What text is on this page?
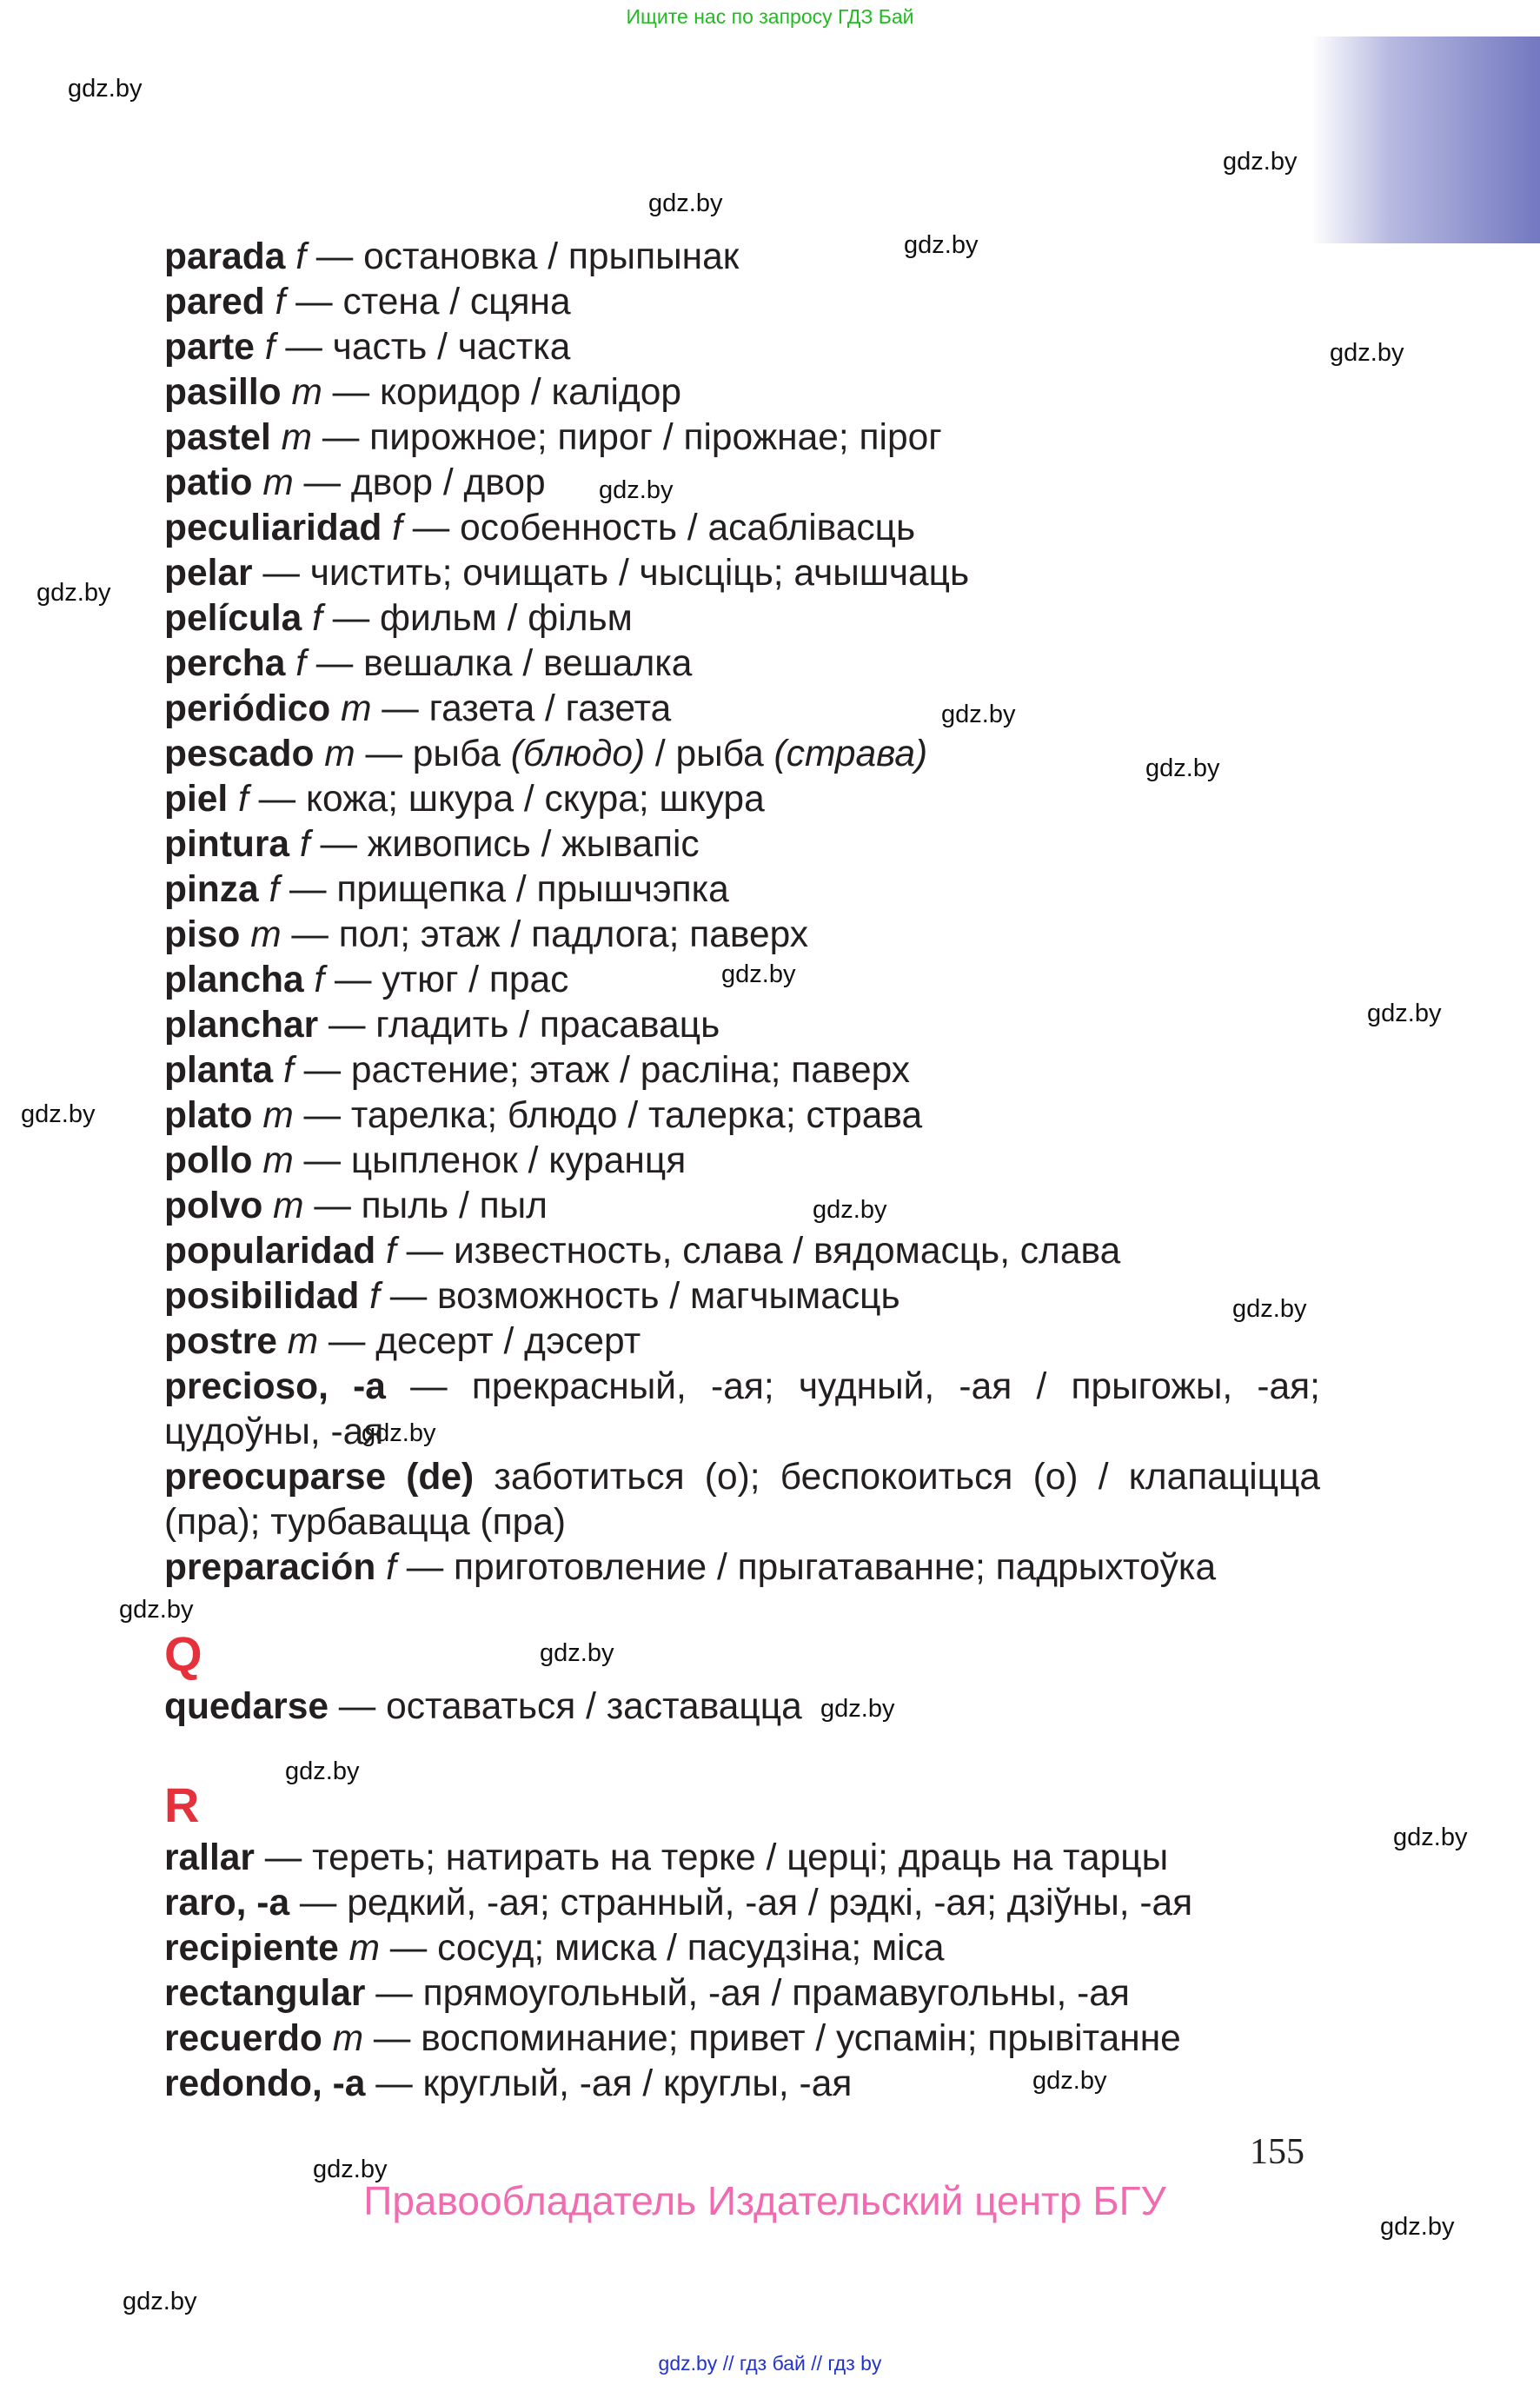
Ищите нас по запросу ГДЗ Бай
gdz.by
gdz.by
gdz.by
gdz.by
gdz.by
gdz.by
gdz.by
gdz.by
gdz.by
gdz.by
gdz.by
gdz.by
gdz.by
gdz.by
gdz.by
gdz.by
gdz.by
gdz.by
gdz.by
gdz.by
gdz.by
gdz.by
gdz.by
gdz.by
parada f — остановка / прыпынак
pared f — стена / сцяна
parte f — часть / частка
pasillo m — коридор / калідор
pastel m — пирожное; пирог / пірожнае; пірог
patio m — двор / двор
peculiaridad f — особенность / асаблівасць
pelar — чистить; очищать / чысціць; ачышчаць
película f — фильм / фільм
percha f — вешалка / вешалка
periódico m — газета / газета
pescado m — рыба (блюдо) / рыба (страва)
piel f — кожа; шкура / скура; шкура
pintura f — живопись / жывапіс
pinza f — прищепка / прышчэпка
piso m — пол; этаж / падлога; паверх
plancha f — утюг / прас
planchar — гладить / прасаваць
planta f — растение; этаж / расліна; паверх
plato m — тарелка; блюдо / талерка; страва
pollo m — цыпленок / куранця
polvo m — пыль / пыл
popularidad f — известность, слава / вядомасць, слава
posibilidad f — возможность / магчымасць
postre m — десерт / дэсерт
precioso, -a — прекрасный, -ая; чудный, -ая / прыгожы, -ая; цудоўны, -ая
preocuparse (de) заботиться (о); беспокоиться (о) / клапаціцца (пра); турбавацца (пра)
preparación f — приготовление / прыгатаванне; падрыхтоўка
Q
quedarse — оставаться / заставацца
R
rallar — тереть; натирать на терке / церці; драць на тарцы
raro, -a — редкий, -ая; странный, -ая / рэдкі, -ая; дзіўны, -ая
recipiente m — сосуд; миска / пасудзіна; міса
rectangular — прямоугольный, -ая / прамавугольны, -ая
recuerdo m — воспоминание; привет / успамін; прывітанне
redondo, -a — круглый, -ая / круглы, -ая
155
Правообладатель Издательский центр БГУ
gdz.by // гдз бай // гдз by
